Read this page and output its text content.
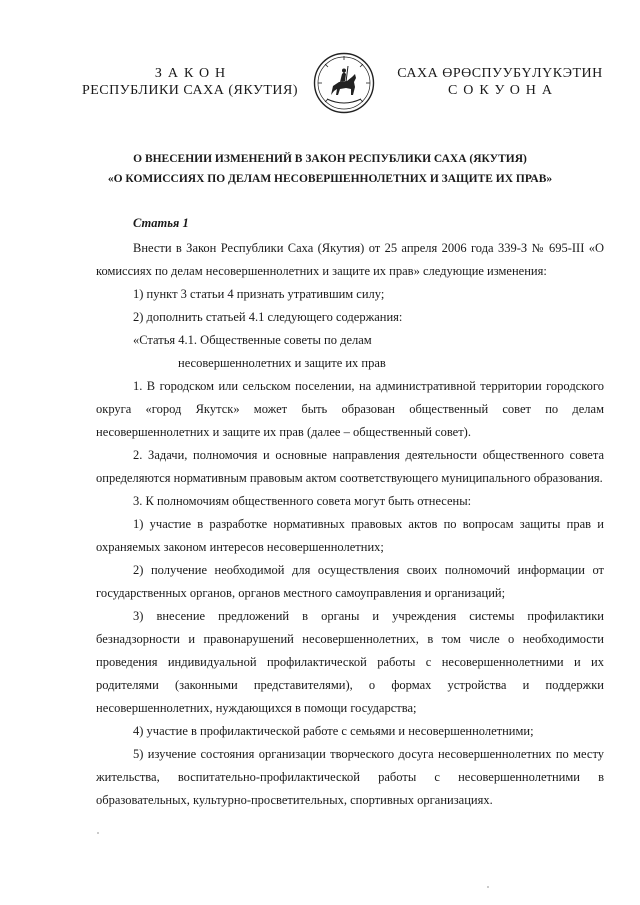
ЗАКОН
РЕСПУБЛИКИ САХА (ЯКУТИЯ)
САХА ӨРӨСПУУБҮЛҮКЭТИН
СОКУОНА
О ВНЕСЕНИИ ИЗМЕНЕНИЙ В ЗАКОН РЕСПУБЛИКИ САХА (ЯКУТИЯ)
«О КОМИССИЯХ ПО ДЕЛАМ НЕСОВЕРШЕННОЛЕТНИХ И ЗАЩИТЕ ИХ ПРАВ»

Статья 1

Внести в Закон Республики Саха (Якутия) от 25 апреля 2006 года 339-З № 695-III «О комиссиях по делам несовершеннолетних и защите их прав» следующие изменения:

1) пункт 3 статьи 4 признать утратившим силу;

2) дополнить статьей 4.1 следующего содержания:

«Статья 4.1. Общественные советы по делам

несовершеннолетних и защите их прав

1. В городском или сельском поселении, на административной территории городского округа «город Якутск» может быть образован общественный совет по делам несовершеннолетних и защите их прав (далее – общественный совет).

2. Задачи, полномочия и основные направления деятельности общественного совета определяются нормативным правовым актом соответствующего муниципального образования.

3. К полномочиям общественного совета могут быть отнесены:

1) участие в разработке нормативных правовых актов по вопросам защиты прав и охраняемых законом интересов несовершеннолетних;

2) получение необходимой для осуществления своих полномочий информации от государственных органов, органов местного самоуправления и организаций;

3) внесение предложений в органы и учреждения системы профилактики безнадзорности и правонарушений несовершеннолетних, в том числе о необходимости проведения индивидуальной профилактической работы с несовершеннолетними и их родителями (законными представителями), о формах устройства и поддержки несовершеннолетних, нуждающихся в помощи государства;

4) участие в профилактической работе с семьями и несовершеннолетними;

5) изучение состояния организации творческого досуга несовершеннолетних по месту жительства, воспитательно-профилактической работы с несовершеннолетними в образовательных, культурно-просветительных, спортивных организациях.
